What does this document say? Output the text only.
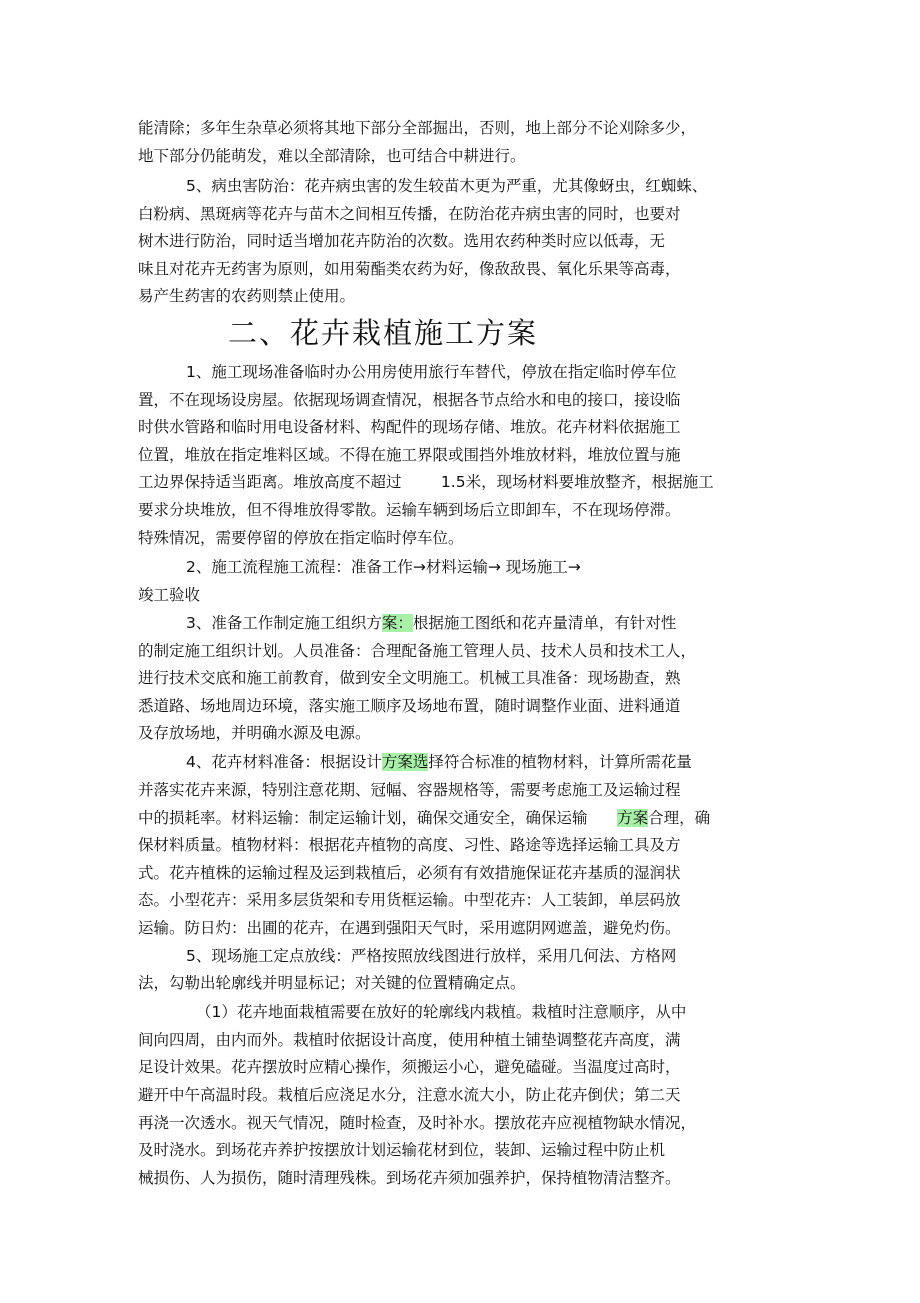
二、花卉栽植施工方案
能清除；多年生杂草必须将其地下部分全部掘出，否则，地上部分不论刈除多少，
地下部分仍能萌发，难以全部清除，也可结合中耕进行。
5、病虫害防治：花卉病虫害的发生较苗木更为严重，尤其像蚜虫，红蜘蛛、
白粉病、黑斑病等花卉与苗木之间相互传播，在防治花卉病虫害的同时，也要对
树木进行防治，同时适当增加花卉防治的次数。选用农药种类时应以低毒，无
味且对花卉无药害为原则，如用菊酯类农药为好，像敌敌畏、氧化乐果等高毒，
易产生药害的农药则禁止使用。
1、施工现场准备临时办公用房使用旅行车替代，停放在指定临时停车位
置，不在现场设房屋。依据现场调查情况，根据各节点给水和电的接口，接设临
时供水管路和临时用电设备材料、构配件的现场存储、堆放。花卉材料依据施工
位置，堆放在指定堆料区域。不得在施工界限或围挡外堆放材料，堆放位置与施
工边界保持适当距离。堆放高度不超过        1.5米，现场材料要堆放整齐，根据施工
要求分块堆放，但不得堆放得零散。运输车辆到场后立即卸车，不在现场停滞。
特殊情况，需要停留的停放在指定临时停车位。
2、施工流程施工流程：准备工作→材料运输→ 现场施工→
竣工验收
3、准备工作制定施工组织方案：根据施工图纸和花卉量清单，有针对性
的制定施工组织计划。人员准备：合理配备施工管理人员、技术人员和技术工人，
进行技术交底和施工前教育，做到安全文明施工。机械工具准备：现场勘查，熟
悉道路、场地周边环境，落实施工顺序及场地布置，随时调整作业面、进料通道
及存放场地，并明确水源及电源。
4、花卉材料准备：根据设计方案选择符合标准的植物材料，计算所需花量
并落实花卉来源，特别注意花期、冠幅、容器规格等，需要考虑施工及运输过程
中的损耗率。材料运输：制定运输计划，确保交通安全，确保运输 方案合理，确
保材料质量。植物材料：根据花卉植物的高度、习性、路途等选择运输工具及方
式。花卉植株的运输过程及运到栽植后，必须有有效措施保证花卉基质的湿润状
态。小型花卉：采用多层货架和专用货框运输。中型花卉：人工装卸，单层码放
运输。防日灼：出圃的花卉，在遇到强阳天气时，采用遮阴网遮盖，避免灼伤。
5、现场施工定点放线：严格按照放线图进行放样，采用几何法、方格网
法，勾勒出轮廓线并明显标记；对关键的位置精确定点。
（1）花卉地面栽植需要在放好的轮廓线内栽植。栽植时注意顺序，从中
间向四周，由内而外。栽植时依据设计高度，使用种植土铺垫调整花卉高度，满
足设计效果。花卉摆放时应精心操作，须搬运小心，避免磕碰。当温度过高时，
避开中午高温时段。栽植后应浇足水分，注意水流大小，防止花卉倒伏；第二天
再浇一次透水。视天气情况，随时检查，及时补水。摆放花卉应视植物缺水情况，
及时浇水。到场花卉养护按摆放计划运输花材到位，装卸、运输过程中防止机
械损伤、人为损伤，随时清理残株。到场花卉须加强养护，保持植物清洁整齐。
